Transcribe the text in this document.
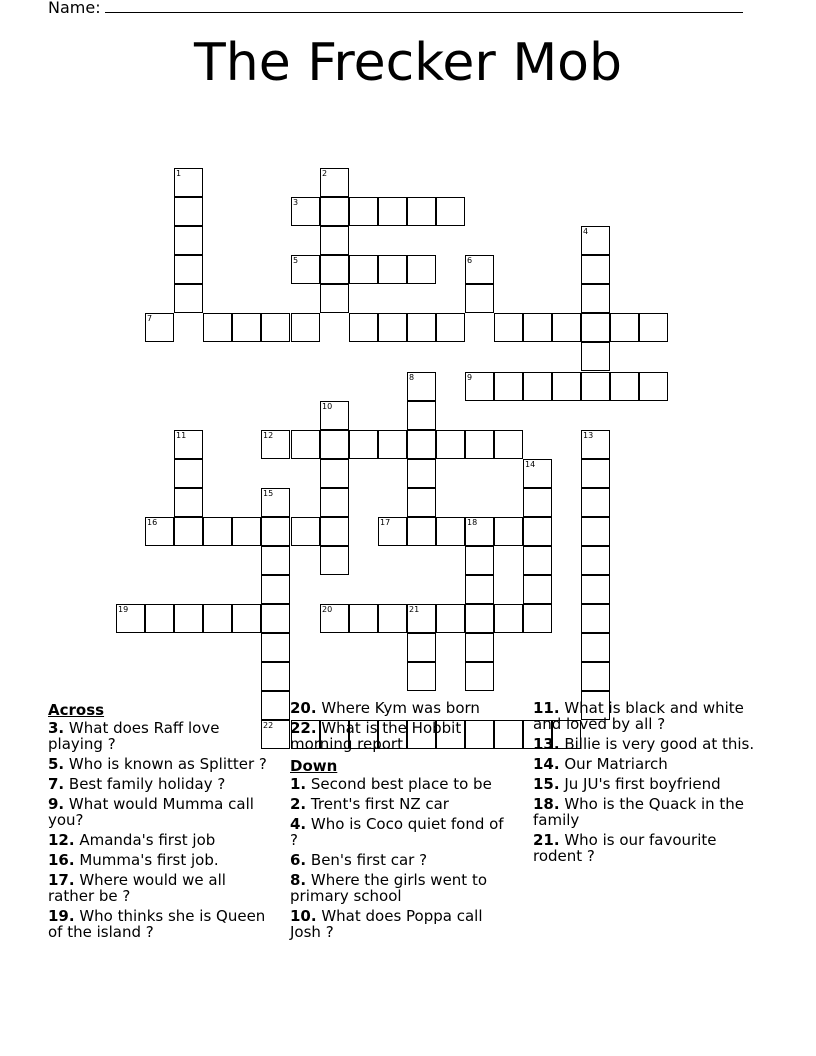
Name:
The Frecker Mob
1	2
3
5	6
4
7
9
8
10
11	12	13
14
15
16	17	18
19	20	21
22
Across
3. What does Raff love playing ?
5. Who is known as Splitter ?
7. Best family holiday ?
9. What would Mumma call you?
12. Amanda's first job
16. Mumma's first job.
17. Where would we all rather be ?
19. Who thinks she is Queen of the island ?
20. Where Kym was born
22. What is the Hobbit morning report
Down
1. Second best place to be
2. Trent's first NZ car
4. Who is Coco quiet fond of ?
6. Ben's first car ?
8. Where the girls went to primary school
10. What does Poppa call Josh ?
11. What is black and white and loved by all ?
13. Billie is very good at this.
14. Our Matriarch
15. Ju JU's first boyfriend
18. Who is the Quack in the family
21. Who is our favourite rodent ?
